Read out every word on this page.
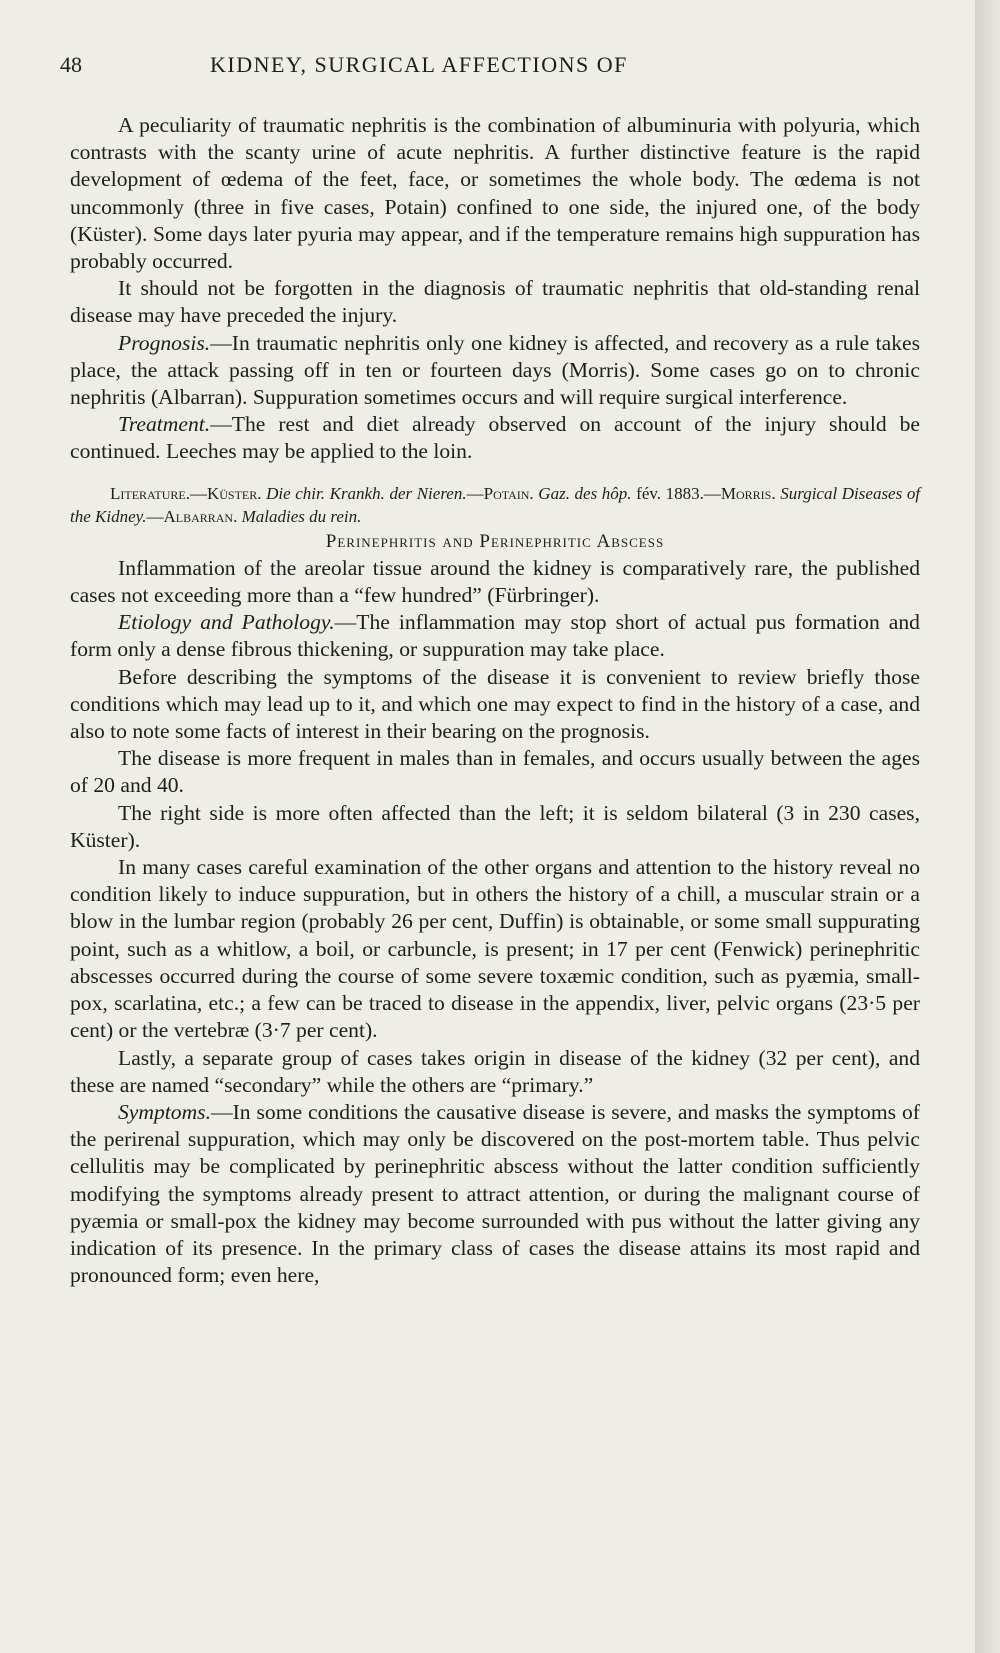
48	KIDNEY, SURGICAL AFFECTIONS OF

A peculiarity of traumatic nephritis is the combination of albuminuria with polyuria, which contrasts with the scanty urine of acute nephritis. A further distinctive feature is the rapid development of œdema of the feet, face, or sometimes the whole body. The œdema is not uncommonly (three in five cases, Potain) confined to one side, the injured one, of the body (Küster). Some days later pyuria may appear, and if the temperature remains high suppuration has probably occurred.

It should not be forgotten in the diagnosis of traumatic nephritis that old-standing renal disease may have preceded the injury.

Prognosis.—In traumatic nephritis only one kidney is affected, and recovery as a rule takes place, the attack passing off in ten or fourteen days (Morris). Some cases go on to chronic nephritis (Albarran). Suppuration sometimes occurs and will require surgical interference.

Treatment.—The rest and diet already observed on account of the injury should be continued. Leeches may be applied to the loin.

Literature.—Küster. Die chir. Krankh. der Nieren.—Potain. Gaz. des hôp. fév. 1883.—Morris. Surgical Diseases of the Kidney.—Albarran. Maladies du rein.

Perinephritis and Perinephritic Abscess

Inflammation of the areolar tissue around the kidney is comparatively rare, the published cases not exceeding more than a “few hundred” (Fürbringer).

Etiology and Pathology.—The inflammation may stop short of actual pus formation and form only a dense fibrous thickening, or suppuration may take place.

Before describing the symptoms of the disease it is convenient to review briefly those conditions which may lead up to it, and which one may expect to find in the history of a case, and also to note some facts of interest in their bearing on the prognosis.

The disease is more frequent in males than in females, and occurs usually between the ages of 20 and 40.

The right side is more often affected than the left; it is seldom bilateral (3 in 230 cases, Küster).

In many cases careful examination of the other organs and attention to the history reveal no condition likely to induce suppuration, but in others the history of a chill, a muscular strain or a blow in the lumbar region (probably 26 per cent, Duffin) is obtainable, or some small suppurating point, such as a whitlow, a boil, or carbuncle, is present; in 17 per cent (Fenwick) perinephritic abscesses occurred during the course of some severe toxæmic condition, such as pyæmia, small-pox, scarlatina, etc.; a few can be traced to disease in the appendix, liver, pelvic organs (23·5 per cent) or the vertebræ (3·7 per cent).

Lastly, a separate group of cases takes origin in disease of the kidney (32 per cent), and these are named “secondary” while the others are “primary.”

Symptoms.—In some conditions the causative disease is severe, and masks the symptoms of the perirenal suppuration, which may only be discovered on the post-mortem table. Thus pelvic cellulitis may be complicated by perinephritic abscess without the latter condition sufficiently modifying the symptoms already present to attract attention, or during the malignant course of pyæmia or small-pox the kidney may become surrounded with pus without the latter giving any indication of its presence. In the primary class of cases the disease attains its most rapid and pronounced form; even here,
